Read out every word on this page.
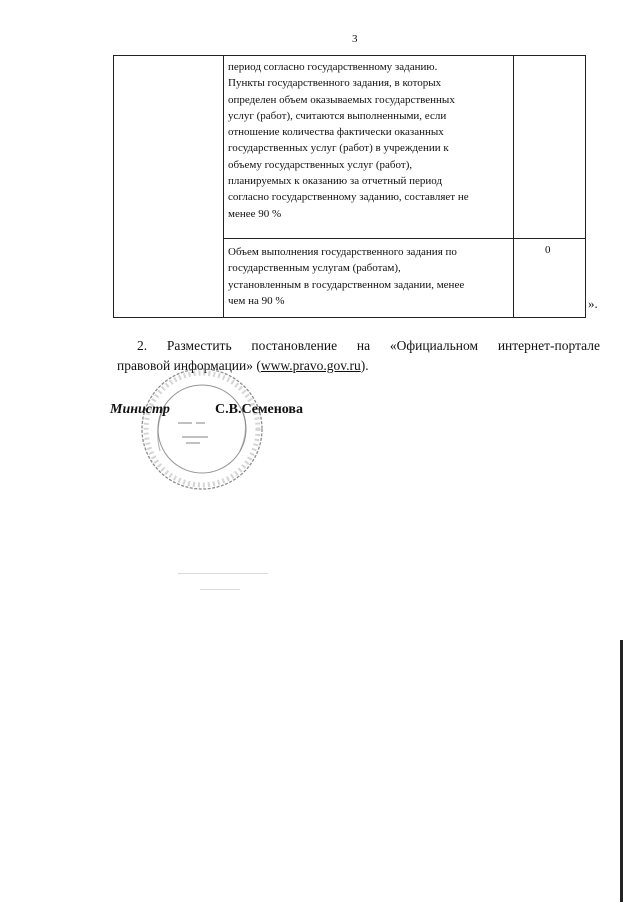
3

период согласно государственному заданию.
Пункты государственного задания, в которых
определен объем оказываемых государственных
услуг (работ), считаются выполненными, если
отношение количества фактически оказанных
государственных услуг (работ) в учреждении к
объему государственных услуг (работ),
планируемых к оказанию за отчетный период
согласно государственному заданию, составляет не
менее 90 %

Объем выполнения государственного задания по
государственным услугам (работам),
установленным в государственном задании, менее
чем на 90 %

0
».

2. Разместить постановление на «Официальном интернет-портале
правовой информации» (www.pravo.gov.ru).

Министр	С.В.Семенова
